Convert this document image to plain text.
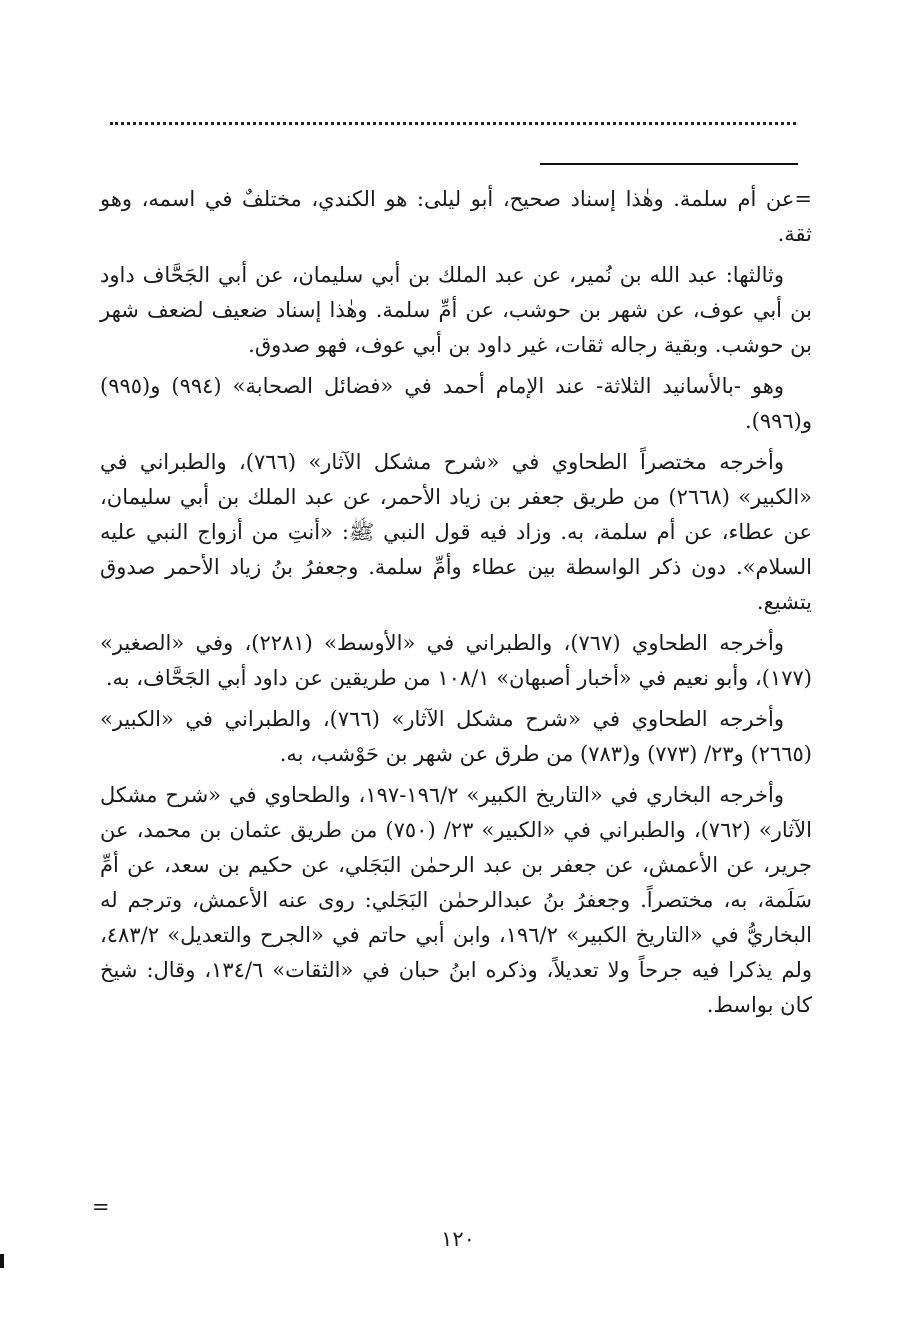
=عن أم سلمة. وهٰذا إسناد صحيح، أبو ليلى: هو الكندي، مختلفٌ في اسمه، وهو ثقة.

وثالثها: عبد الله بن نُمير، عن عبد الملك بن أبي سليمان، عن أبي الجَحَّاف داود بن أبي عوف، عن شهر بن حوشب، عن أمِّ سلمة. وهٰذا إسناد ضعيف لضعف شهر بن حوشب. وبقية رجاله ثقات، غير داود بن أبي عوف، فهو صدوق.

وهو -بالأسانيد الثلاثة- عند الإمام أحمد في «فضائل الصحابة» (٩٩٤) و(٩٩٥) و(٩٩٦).

وأخرجه مختصراً الطحاوي في «شرح مشكل الآثار» (٧٦٦)، والطبراني في «الكبير» (٢٦٦٨) من طريق جعفر بن زياد الأحمر، عن عبد الملك بن أبي سليمان، عن عطاء، عن أم سلمة، به. وزاد فيه قول النبي ﷺ: «أنتِ من أزواج النبي عليه السلام». دون ذكر الواسطة بين عطاء وأمِّ سلمة. وجعفرُ بنُ زياد الأحمر صدوق يتشيع.

وأخرجه الطحاوي (٧٦٧)، والطبراني في «الأوسط» (٢٢٨١)، وفي «الصغير» (١٧٧)، وأبو نعيم في «أخبار أصبهان» ١٠٨/١ من طريقين عن داود أبي الجَحَّاف، به.

وأخرجه الطحاوي في «شرح مشكل الآثار» (٧٦٦)، والطبراني في «الكبير» (٢٦٦٥) و٢٣/ (٧٧٣) و(٧٨٣) من طرق عن شهر بن حَوْشب، به.

وأخرجه البخاري في «التاريخ الكبير» ١٩٦/٢-١٩٧، والطحاوي في «شرح مشكل الآثار» (٧٦٢)، والطبراني في «الكبير» ٢٣/ (٧٥٠) من طريق عثمان بن محمد، عن جرير، عن الأعمش، عن جعفر بن عبد الرحمٰن البَجَلي، عن حكيم بن سعد، عن أمِّ سَلَمة، به، مختصراً. وجعفرُ بنُ عبدالرحمٰن البَجَلي: روى عنه الأعمش، وترجم له البخاريُّ في «التاريخ الكبير» ١٩٦/٢، وابن أبي حاتم في «الجرح والتعديل» ٤٨٣/٢، ولم يذكرا فيه جرحاً ولا تعديلاً، وذكره ابنُ حبان في «الثقات» ١٣٤/٦، وقال: شيخ كان بواسط.

=
١٢٠
